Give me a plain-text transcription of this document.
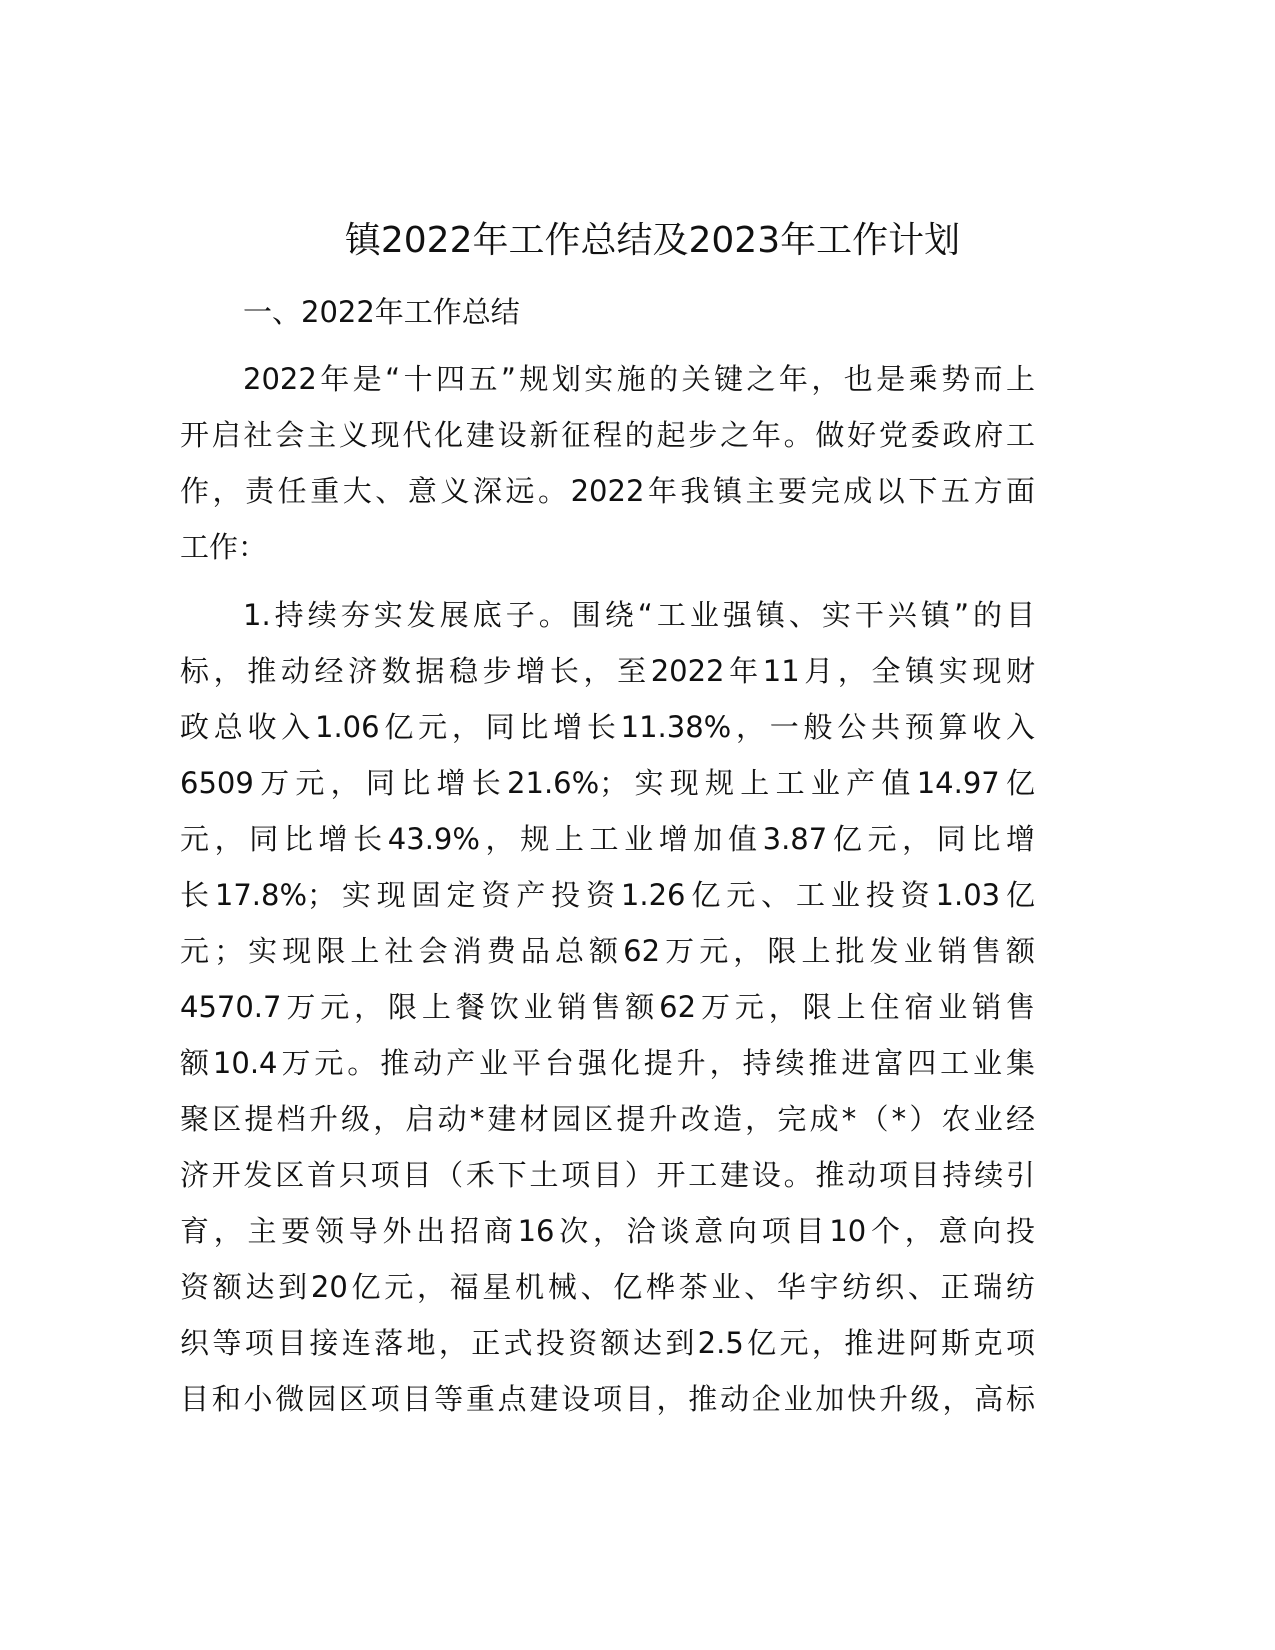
镇2022年工作总结及2023年工作计划
一、2022年工作总结
2022年是“十四五”规划实施的关键之年，也是乘势而上
开启社会主义现代化建设新征程的起步之年。做好党委政府工
作，责任重大、意义深远。2022年我镇主要完成以下五方面
工作：
1.持续夯实发展底子。围绕“工业强镇、实干兴镇”的目
标，推动经济数据稳步增长，至2022年11月，全镇实现财
政总收入1.06亿元，同比增长11.38%，一般公共预算收入
6509万元，同比增长21.6%；实现规上工业产值14.97亿
元，同比增长43.9%，规上工业增加值3.87亿元，同比增
长17.8%；实现固定资产投资1.26亿元、工业投资1.03亿
元；实现限上社会消费品总额62万元，限上批发业销售额
4570.7万元，限上餐饮业销售额62万元，限上住宿业销售
额10.4万元。推动产业平台强化提升，持续推进富四工业集
聚区提档升级，启动*建材园区提升改造，完成*（*）农业经
济开发区首只项目（禾下土项目）开工建设。推动项目持续引
育，主要领导外出招商16次，洽谈意向项目10个，意向投
资额达到20亿元，福星机械、亿桦茶业、华宇纺织、正瑞纺
织等项目接连落地，正式投资额达到2.5亿元，推进阿斯克项
目和小微园区项目等重点建设项目，推动企业加快升级，高标
